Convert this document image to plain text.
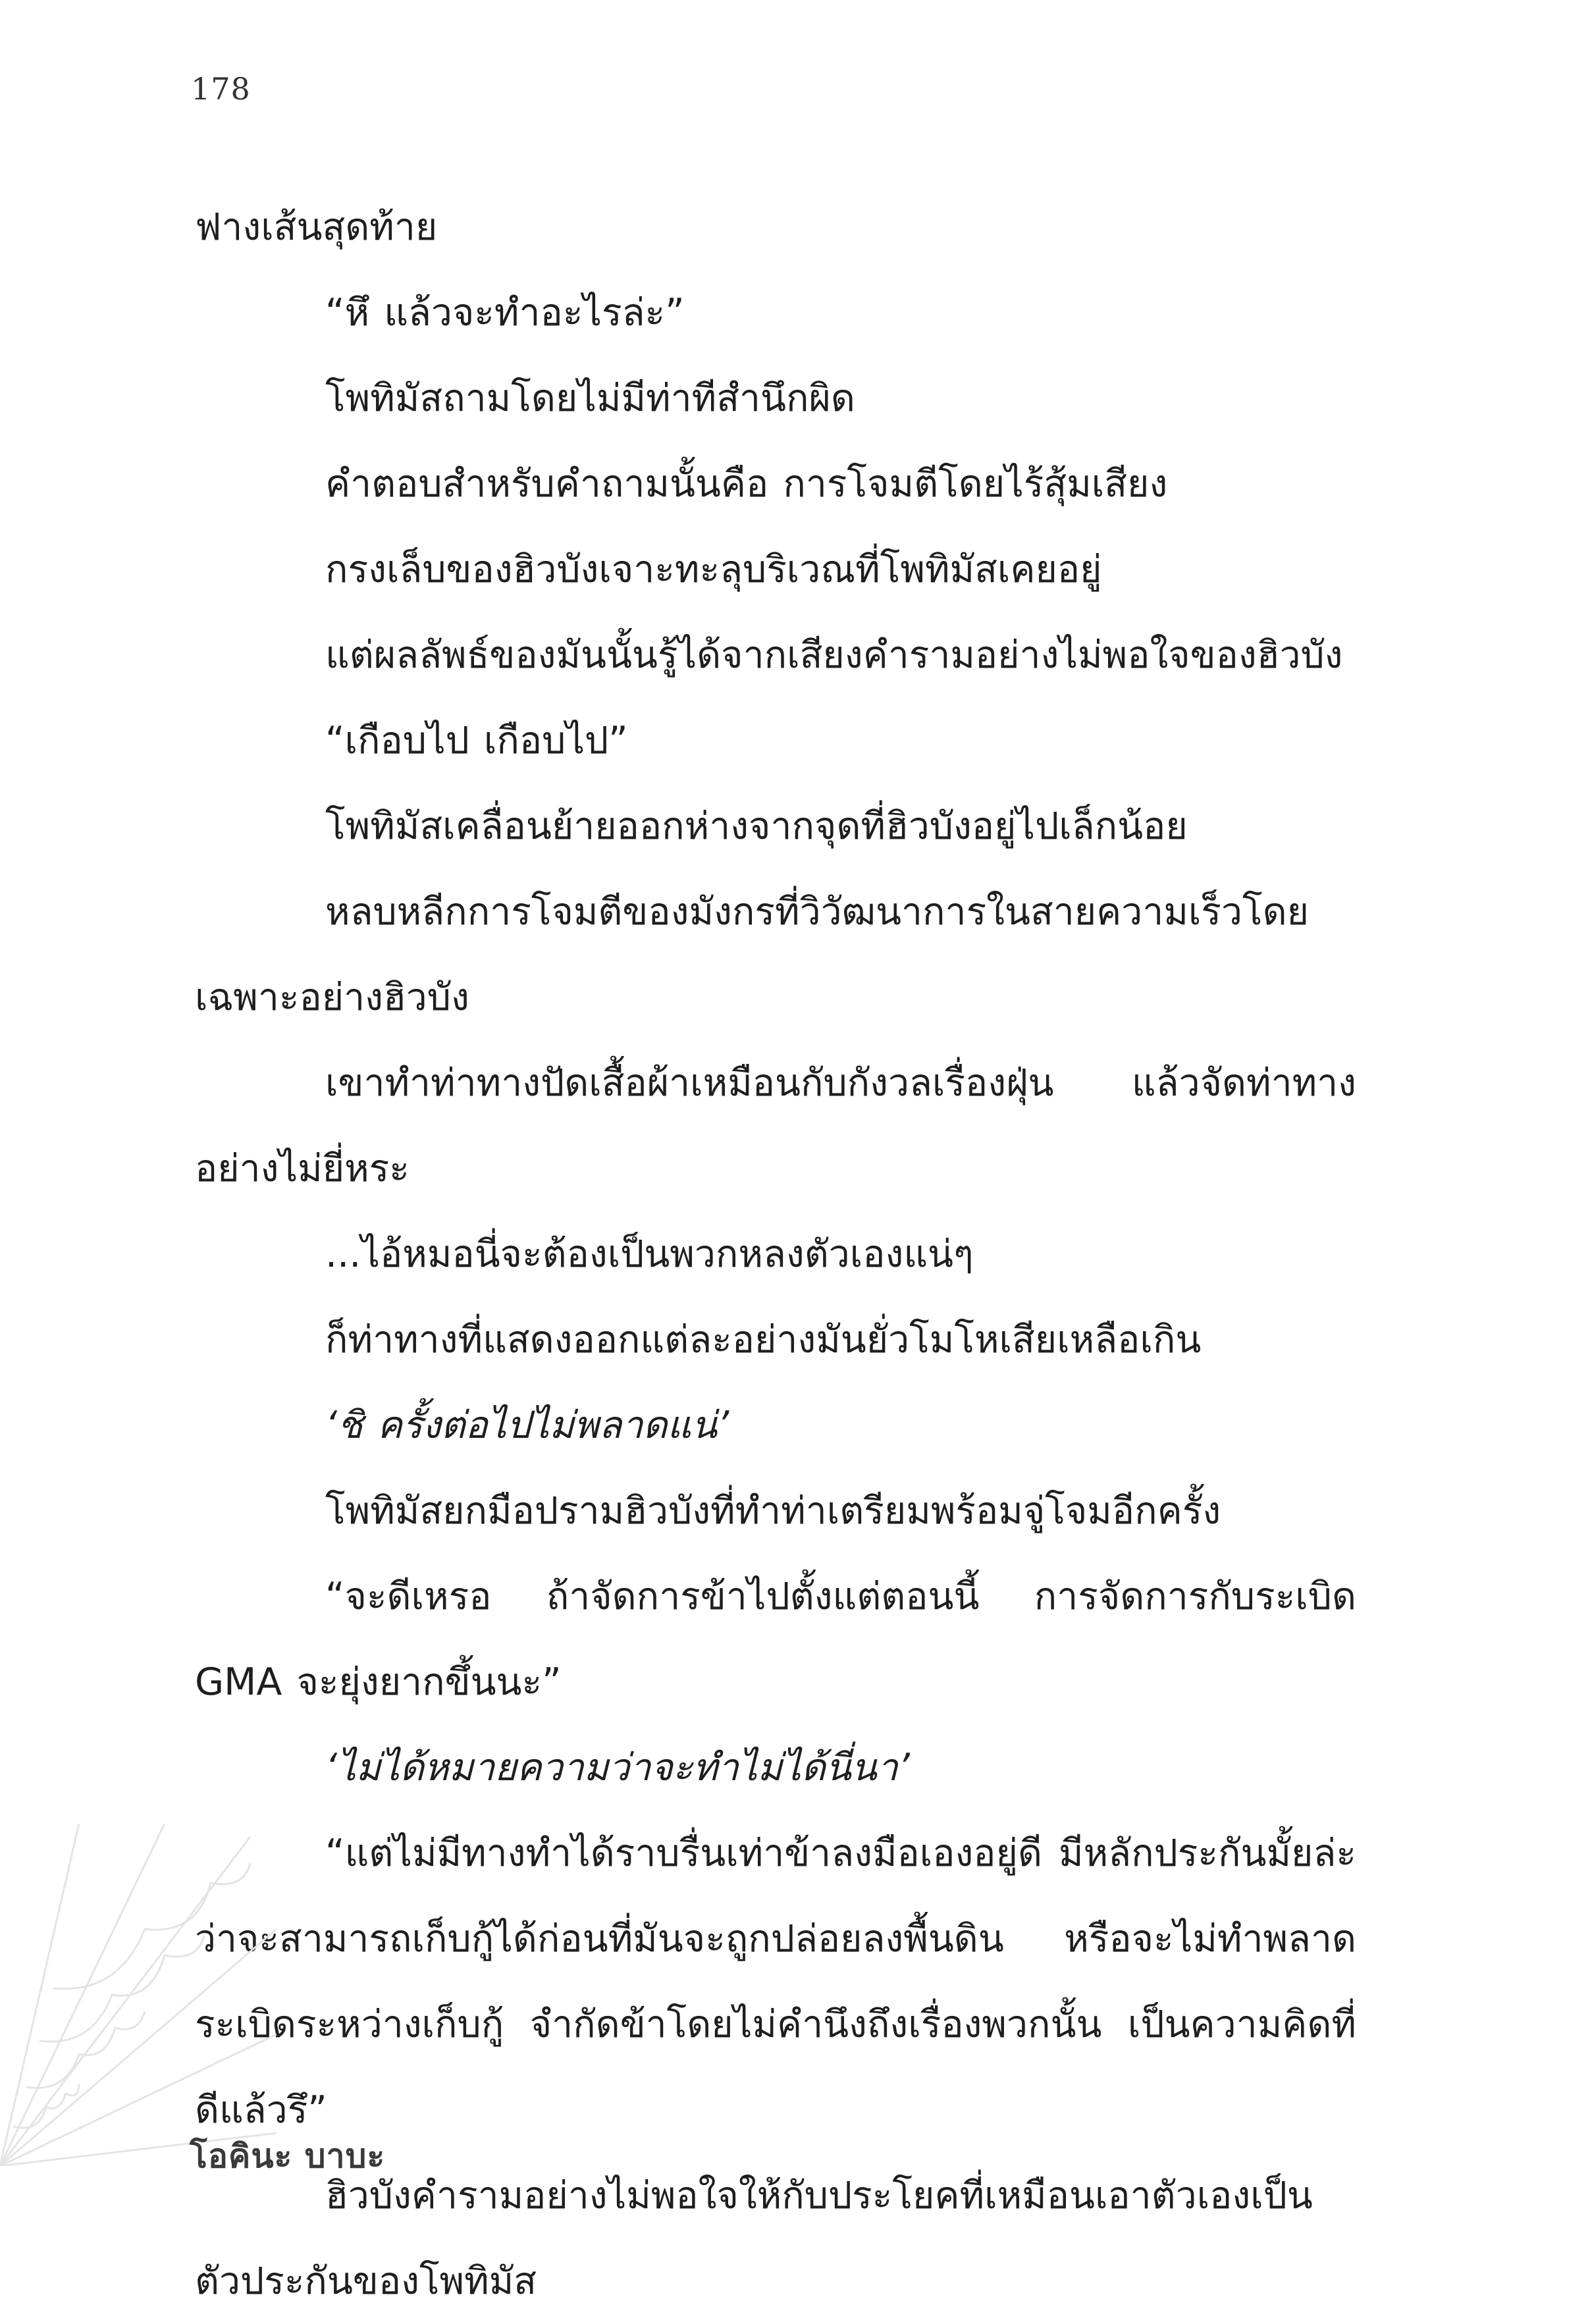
178

ฟางเส้นสุดท้าย

“หึ แล้วจะทำอะไรล่ะ”

โพทิมัสถามโดยไม่มีท่าทีสำนึกผิด

คำตอบสำหรับคำถามนั้นคือ การโจมตีโดยไร้สุ้มเสียง

กรงเล็บของฮิวบังเจาะทะลุบริเวณที่โพทิมัสเคยอยู่

แต่ผลลัพธ์ของมันนั้นรู้ได้จากเสียงคำรามอย่างไม่พอใจของฮิวบัง

“เกือบไป เกือบไป”

โพทิมัสเคลื่อนย้ายออกห่างจากจุดที่ฮิวบังอยู่ไปเล็กน้อย

หลบหลีกการโจมตีของมังกรที่วิวัฒนาการในสายความเร็วโดยเฉพาะอย่างฮิวบัง

เขาทำท่าทางปัดเสื้อผ้าเหมือนกับกังวลเรื่องฝุ่น แล้วจัดท่าทางอย่างไม่ยี่หระ

...ไอ้หมอนี่จะต้องเป็นพวกหลงตัวเองแน่ๆ

ก็ท่าทางที่แสดงออกแต่ละอย่างมันยั่วโมโหเสียเหลือเกิน

‘ชิ ครั้งต่อไปไม่พลาดแน่’

โพทิมัสยกมือปรามฮิวบังที่ทำท่าเตรียมพร้อมจู่โจมอีกครั้ง

“จะดีเหรอ ถ้าจัดการข้าไปตั้งแต่ตอนนี้ การจัดการกับระเบิด GMA จะยุ่งยากขึ้นนะ”

‘ไม่ได้หมายความว่าจะทำไม่ได้นี่นา’

“แต่ไม่มีทางทำได้ราบรื่นเท่าข้าลงมือเองอยู่ดี มีหลักประกันมั้ยล่ะว่าจะสามารถเก็บกู้ได้ก่อนที่มันจะถูกปล่อยลงพื้นดิน หรือจะไม่ทำพลาดระเบิดระหว่างเก็บกู้ จำกัดข้าโดยไม่คำนึงถึงเรื่องพวกนั้น เป็นความคิดที่ดีแล้วรึ”

ฮิวบังคำรามอย่างไม่พอใจให้กับประโยคที่เหมือนเอาตัวเองเป็นตัวประกันของโพทิมัส

โอคินะ บาบะ
